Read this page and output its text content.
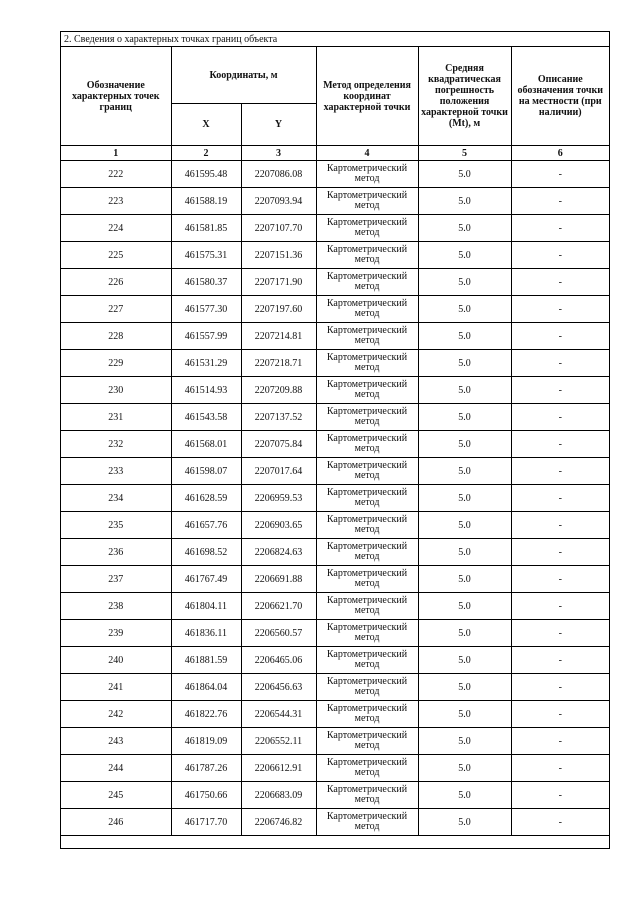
2. Сведения о характерных точках границ объекта
Обозначение характерных точек границ	Координаты, м		Метод определения координат характерной точки	Средняя квадратическая погрешность положения характерной точки (Mt), м	Описание обозначения точки на местности (при наличии)
	X	Y			
1	2	3	4	5	6
222	461595.48	2207086.08	Картометрический метод	5.0	-
223	461588.19	2207093.94	Картометрический метод	5.0	-
224	461581.85	2207107.70	Картометрический метод	5.0	-
225	461575.31	2207151.36	Картометрический метод	5.0	-
226	461580.37	2207171.90	Картометрический метод	5.0	-
227	461577.30	2207197.60	Картометрический метод	5.0	-
228	461557.99	2207214.81	Картометрический метод	5.0	-
229	461531.29	2207218.71	Картометрический метод	5.0	-
230	461514.93	2207209.88	Картометрический метод	5.0	-
231	461543.58	2207137.52	Картометрический метод	5.0	-
232	461568.01	2207075.84	Картометрический метод	5.0	-
233	461598.07	2207017.64	Картометрический метод	5.0	-
234	461628.59	2206959.53	Картометрический метод	5.0	-
235	461657.76	2206903.65	Картометрический метод	5.0	-
236	461698.52	2206824.63	Картометрический метод	5.0	-
237	461767.49	2206691.88	Картометрический метод	5.0	-
238	461804.11	2206621.70	Картометрический метод	5.0	-
239	461836.11	2206560.57	Картометрический метод	5.0	-
240	461881.59	2206465.06	Картометрический метод	5.0	-
241	461864.04	2206456.63	Картометрический метод	5.0	-
242	461822.76	2206544.31	Картометрический метод	5.0	-
243	461819.09	2206552.11	Картометрический метод	5.0	-
244	461787.26	2206612.91	Картометрический метод	5.0	-
245	461750.66	2206683.09	Картометрический метод	5.0	-
246	461717.70	2206746.82	Картометрический метод	5.0	-
